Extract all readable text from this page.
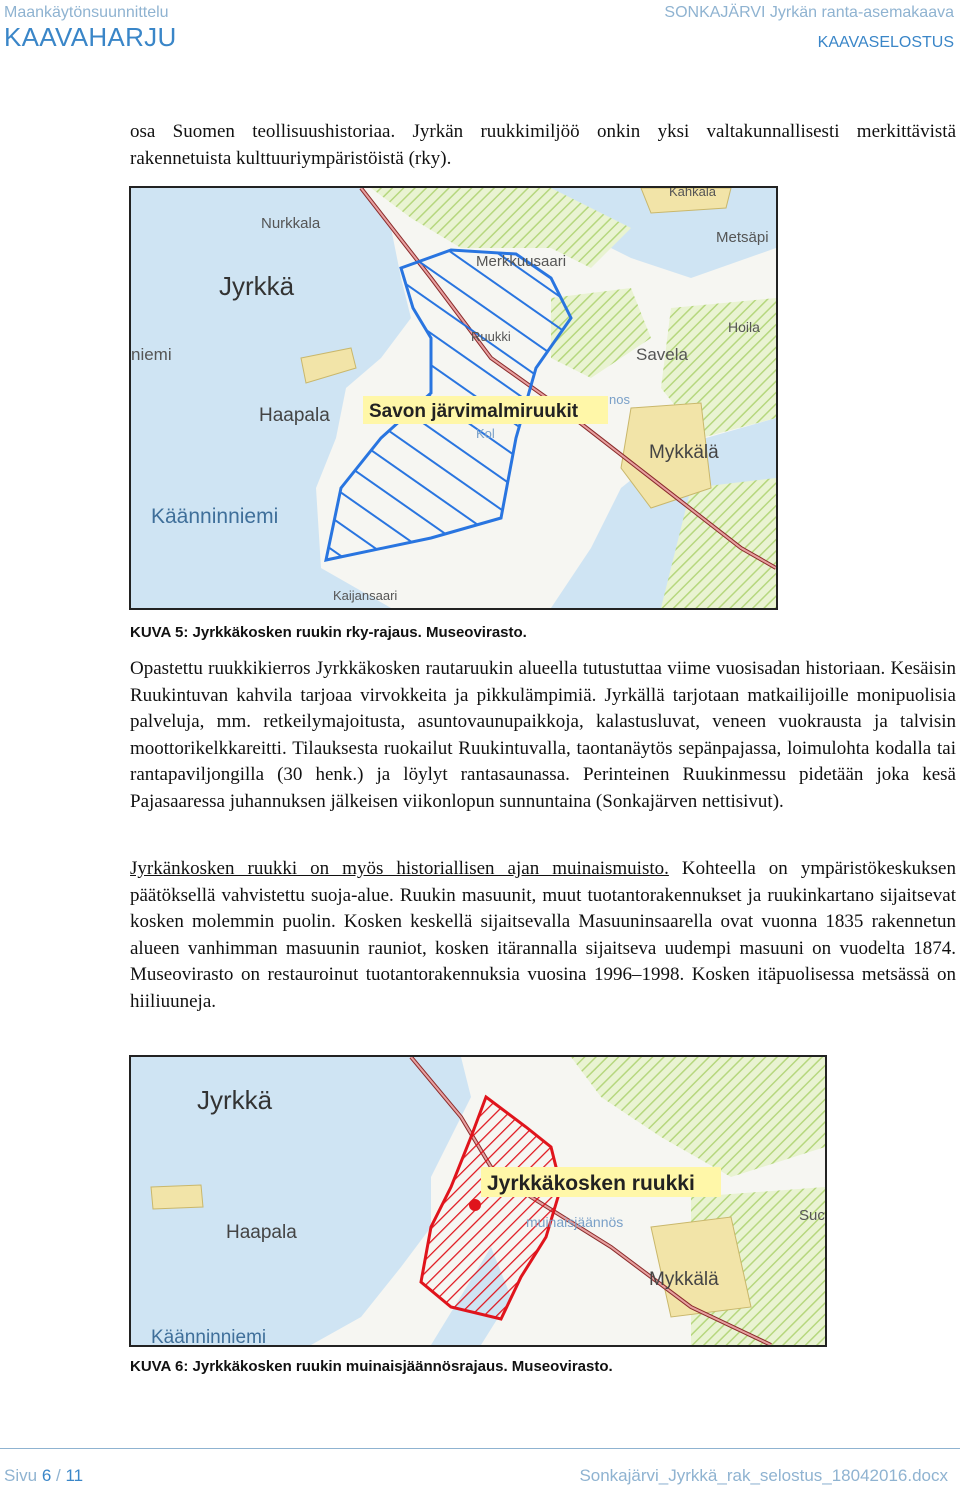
Maankäytönsuunnittelu
KAAVAHARJU
SONKAJÄRVI Jyrkän ranta-asemakaava
KAAVASELOSTUS
osa Suomen teollisuushistoriaa. Jyrkän ruukkimiljöö onkin yksi valtakunnallisesti merkittävistä rakennetuista kulttuuriympäristöistä (rky).
Nurkkala
Jyrkkä
Kahkala
Metsäpi
Merkkuusaari
Ruukki
Hoila
Savela
niemi
Haapala Savon järvimalmiruukit
nos
Kol
Mykkälä
Käänninniemi
Kaijansaari
KUVA 5: Jyrkkäkosken ruukin rky-rajaus. Museovirasto.
Opastettu ruukkikierros Jyrkkäkosken rautaruukin alueella tutustuttaa viime vuosisadan historiaan. Kesäisin Ruukintuvan kahvila tarjoaa virvokkeita ja pikkulämpimiä. Jyrkällä tarjotaan matkailijoille monipuolisia palveluja, mm. retkeilymajoitusta, asuntovaunupaikkoja, kalastusluvat, veneen vuokrausta ja talvisin moottorikelkkareitti. Tilauksesta ruokailut Ruukintuvalla, taontanäytös sepänpajassa, loimulohta kodalla tai rantapaviljongilla (30 henk.) ja löylyt rantasaunassa. Perinteinen Ruukinmessu pidetään joka kesä Pajasaaressa juhannuksen jälkeisen viikonlopun sunnuntaina (Sonkajärven nettisivut).
Jyrkänkosken ruukki on myös historiallisen ajan muinaismuisto. Kohteella on ympäristökeskuksen päätöksellä vahvistettu suoja-alue. Ruukin masuunit, muut tuotantorakennukset ja ruukinkartano sijaitsevat kosken molemmin puolin. Kosken keskellä sijaitsevalla Masuuninsaarella ovat vuonna 1835 rakennetun alueen vanhimman masuunin rauniot, kosken itärannalla sijaitseva uudempi masuuni on vuodelta 1874. Museovirasto on restauroinut tuotantorakennuksia vuosina 1996–1998. Kosken itäpuolisessa metsässä on hiiliuuneja.
Jyrkkä
Jyrkkäkosken ruukki
Haapala	muinaisjäännös	Suc
Mykkälä
Käänninniemi
KUVA 6: Jyrkkäkosken ruukin muinaisjäännösrajaus. Museovirasto.
Sivu 6 / 11	Sonkajärvi_Jyrkkä_rak_selostus_18042016.docx
